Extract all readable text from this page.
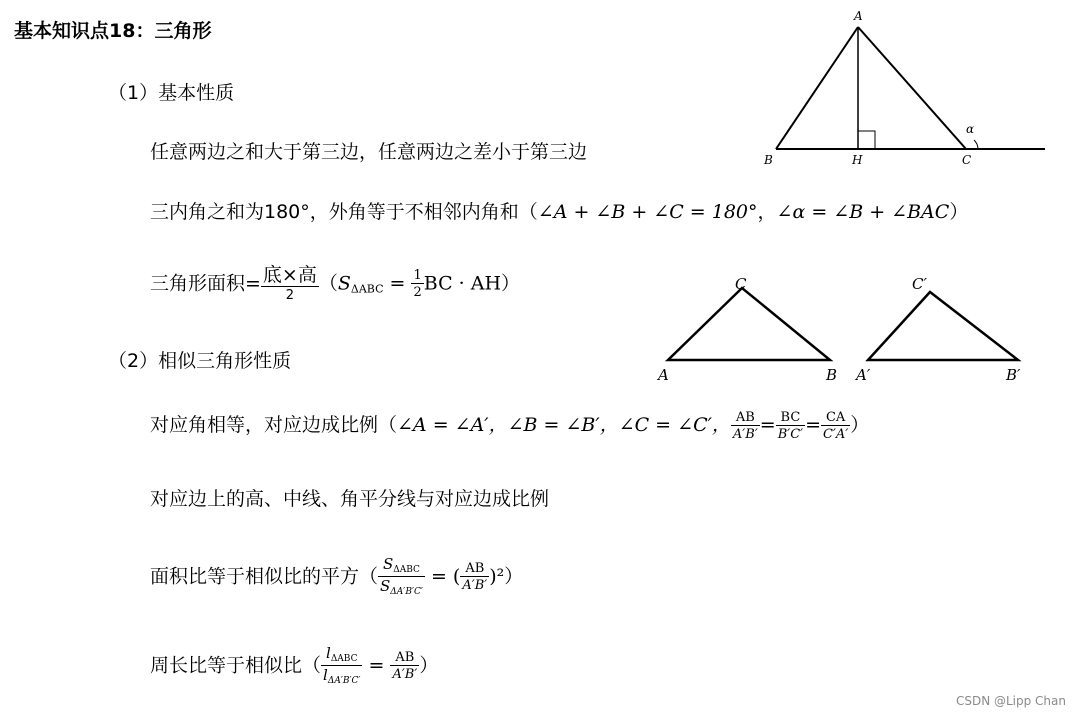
基本知识点18：三角形
（1）基本性质
任意两边之和大于第三边，任意两边之差小于第三边
三内角之和为180°，外角等于不相邻内角和（∠A + ∠B + ∠C = 180°，∠α = ∠B + ∠BAC）
三角形面积= $\frac{\text{底×高}}{2} (S_{\Delta ABC} = \frac{1}{2}$ BC · AH）
（2）相似三角形性质
对应角相等，对应边成比例（∠A = ∠A′，∠B = ∠B′，∠C = ∠C′， $\frac{AB}{A'B'} = \frac{BC}{B'C'} = \frac{CA}{C'A'}$ ）
对应边上的高、中线、角平分线与对应边成比例
面积比等于相似比的平方（ $\frac{S_{\Delta ABC}}{S_{\Delta A'B'C'}}$ = ( $\frac{AB}{A'B'} )^2$）
周长比等于相似比（ $\frac{l_{\Delta ABC}}{l_{\Delta A'B'C'}} = \frac{AB}{A'B'}$ ）
A
B	H	C
α
A	B
C
A′	B′
C′
CSDN @Lipp Chan
